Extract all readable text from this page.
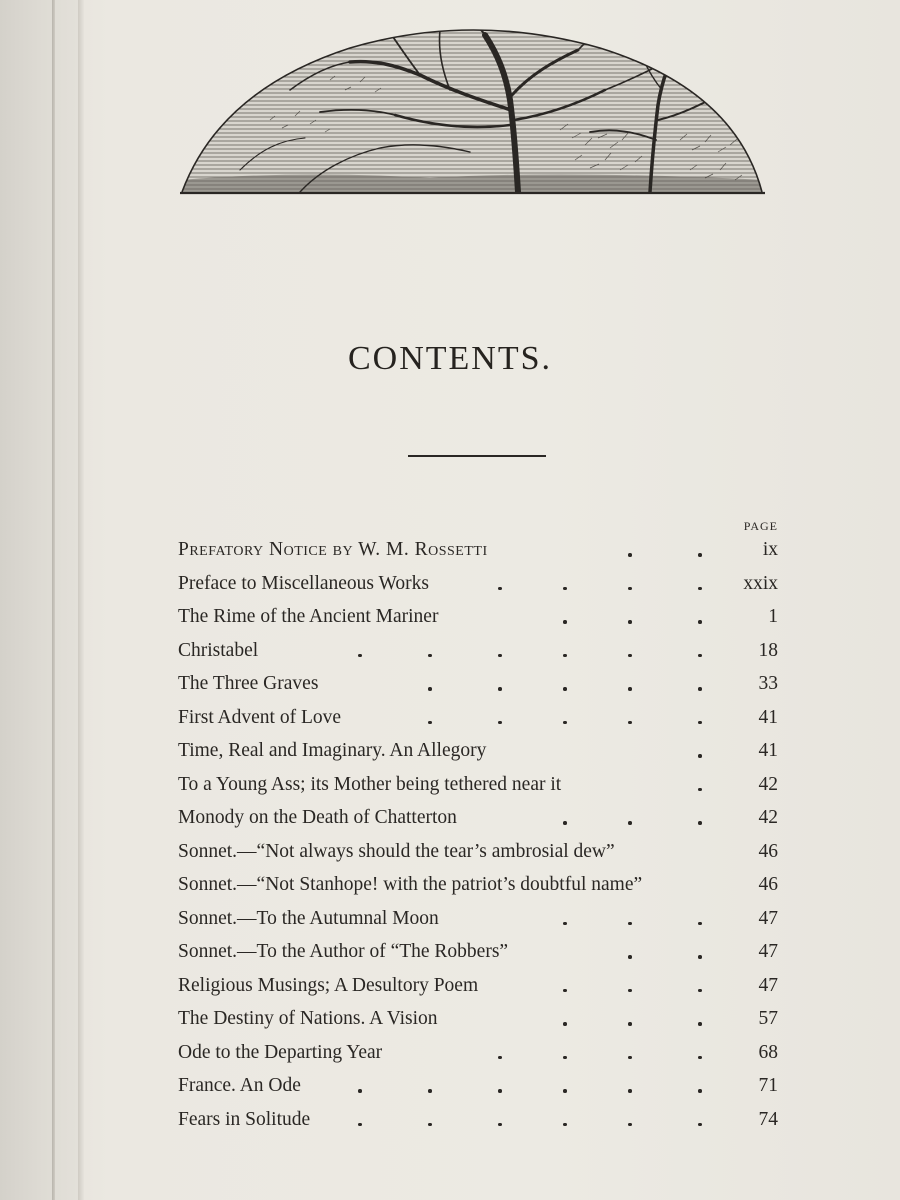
CONTENTS.
PAGE
Prefatory Notice by W. M. Rossetti	ix
Preface to Miscellaneous Works	xxix
The Rime of the Ancient Mariner	1
Christabel	18
The Three Graves	33
First Advent of Love	41
Time, Real and Imaginary. An Allegory	41
To a Young Ass; its Mother being tethered near it	42
Monody on the Death of Chatterton	42
Sonnet.—“Not always should the tear’s ambrosial dew”	46
Sonnet.—“Not Stanhope! with the patriot’s doubtful name”	46
Sonnet.—To the Autumnal Moon	47
Sonnet.—To the Author of “The Robbers”	47
Religious Musings; A Desultory Poem	47
The Destiny of Nations. A Vision	57
Ode to the Departing Year	68
France. An Ode	71
Fears in Solitude	74
